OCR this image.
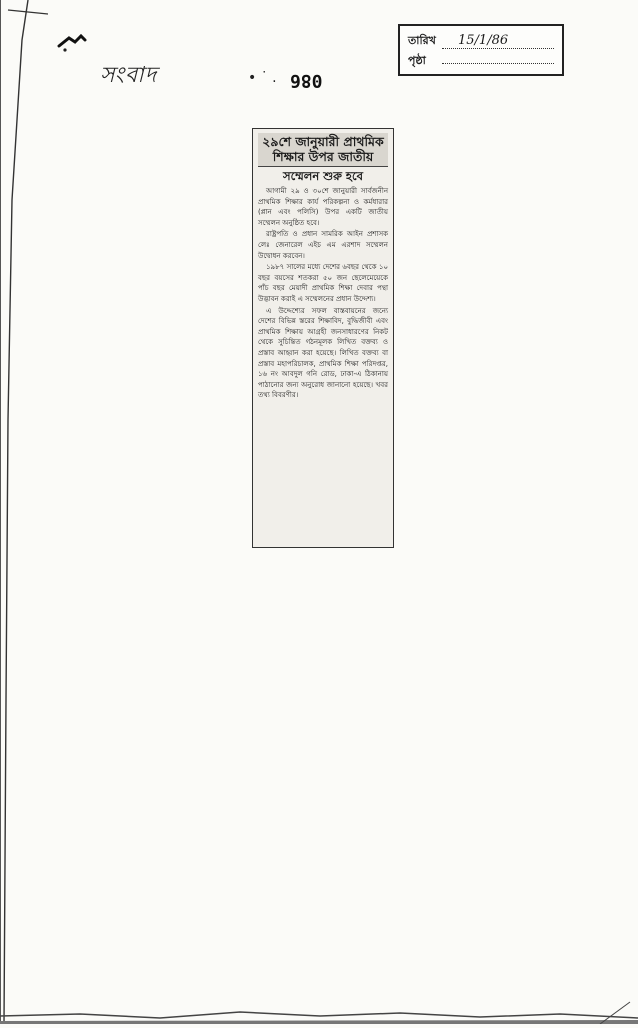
সংবাদ	• ˙ . 086
তারিখ	15/1/86
পৃষ্ঠা
২৯শে জানুয়ারী প্রাথমিক
শিক্ষার উপর জাতীয়
সম্মেলন শুরু হবে

আগামী ২৯ ও ৩০শে জানুয়ারী সার্বজনীন প্রাথমিক শিক্ষার কার্য পরিকল্পনা ও কর্মধারার (প্লান এবং পলিসি) উপর একটি জাতীয় সম্মেলন অনুষ্ঠিত হবে।

রাষ্ট্রপতি ও প্রধান সামরিক আইন প্রশাসক লেঃ জেনারেল এইচ এম এরশাদ সম্মেলন উদ্বোধন করবেন।

১৯৮৭ সালের মধ্যে দেশের ৬বছর থেকে ১০ বছর বয়সের শতকরা ৫০ জন ছেলেমেয়েকে পাঁচ বছর মেয়াদী প্রাথমিক শিক্ষা দেবার পন্থা উদ্ভাবন করাই এ সম্মেলনের প্রধান উদ্দেশ্য।

এ উদ্দেশ্যের সফল বাস্তবায়নের জন্যে দেশের বিভিন্ন স্তরের শিক্ষাবিদ, বুদ্ধিজীবী এবং প্রাথমিক শিক্ষায় আগ্রহী জনসাধারণের নিকট থেকে সুচিন্তিত গঠনমূলক লিখিত বক্তব্য ও প্রস্তাব আহ্বান করা হয়েছে। লিখিত বক্তব্য বা প্রস্তাব মহাপরিচালক, প্রাথমিক শিক্ষা পরিদপ্তর, ১৬ নং আবদুল গনি রোড, ঢাকা-এ ঠিকানায় পাঠানোর জন্য অনুরোধ জানানো হয়েছে। খবর তথ্য বিবরণীর।
